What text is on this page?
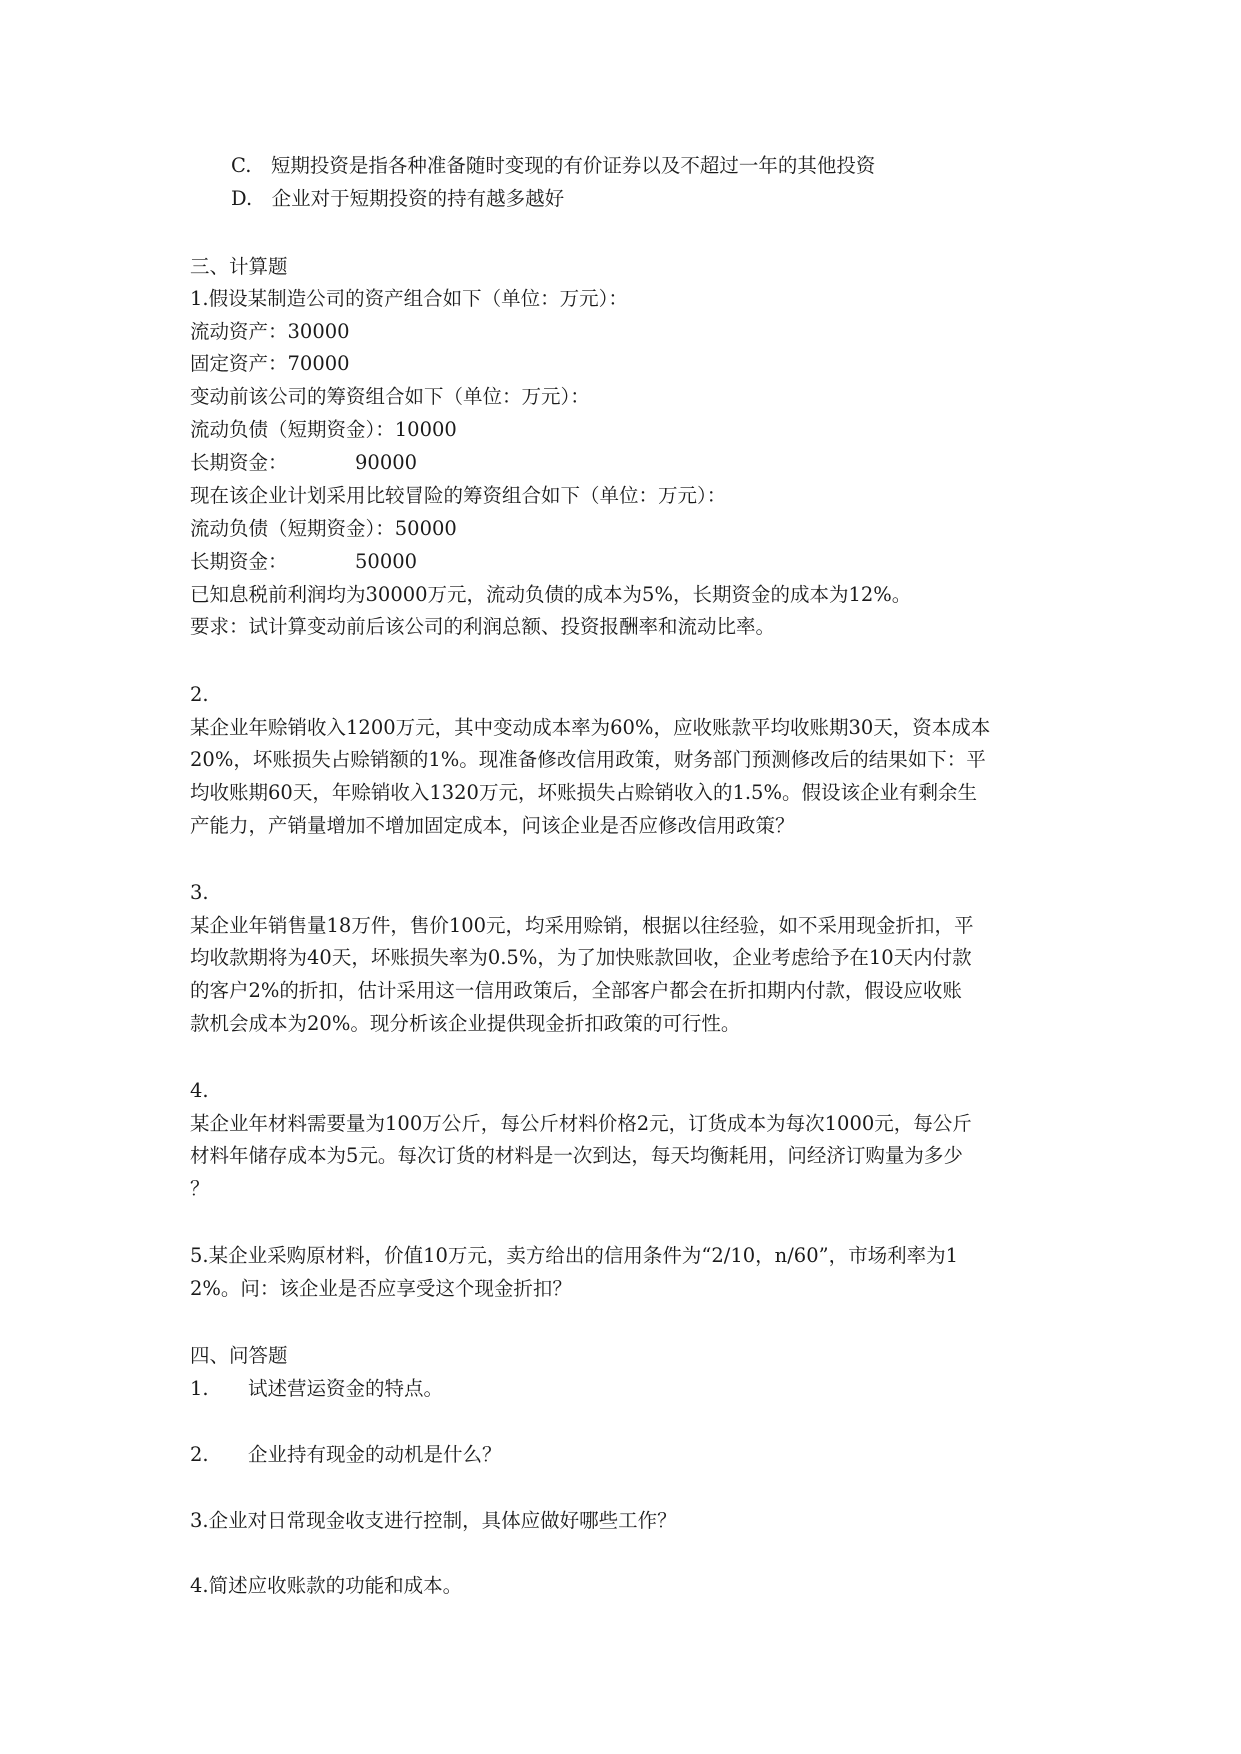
C.　短期投资是指各种准备随时变现的有价证券以及不超过一年的其他投资
D.　企业对于短期投资的持有越多越好
三、计算题
1.假设某制造公司的资产组合如下（单位：万元）：
流动资产：30000
固定资产：70000
变动前该公司的筹资组合如下（单位：万元）：
流动负债（短期资金）：10000
长期资金：	90000
现在该企业计划采用比较冒险的筹资组合如下（单位：万元）：
流动负债（短期资金）：50000
长期资金：	50000
已知息税前利润均为30000万元，流动负债的成本为5%，长期资金的成本为12%。
要求：试计算变动前后该公司的利润总额、投资报酬率和流动比率。
2.
某企业年赊销收入1200万元，其中变动成本率为60%，应收账款平均收账期30天，资本成本
20%，坏账损失占赊销额的1%。现准备修改信用政策，财务部门预测修改后的结果如下：平
均收账期60天，年赊销收入1320万元，坏账损失占赊销收入的1.5%。假设该企业有剩余生
产能力，产销量增加不增加固定成本，问该企业是否应修改信用政策？
3.
某企业年销售量18万件，售价100元，均采用赊销，根据以往经验，如不采用现金折扣，平
均收款期将为40天，坏账损失率为0.5%，为了加快账款回收，企业考虑给予在10天内付款
的客户2%的折扣，估计采用这一信用政策后，全部客户都会在折扣期内付款，假设应收账
款机会成本为20%。现分析该企业提供现金折扣政策的可行性。
4.
某企业年材料需要量为100万公斤，每公斤材料价格2元，订货成本为每次1000元，每公斤
材料年储存成本为5元。每次订货的材料是一次到达，每天均衡耗用，问经济订购量为多少
？
5.某企业采购原材料，价值10万元，卖方给出的信用条件为“2/10，n/60”，市场利率为1
2%。问：该企业是否应享受这个现金折扣？
四、问答题
1. 试述营运资金的特点。
2. 企业持有现金的动机是什么？
3.企业对日常现金收支进行控制，具体应做好哪些工作？
4.简述应收账款的功能和成本。
